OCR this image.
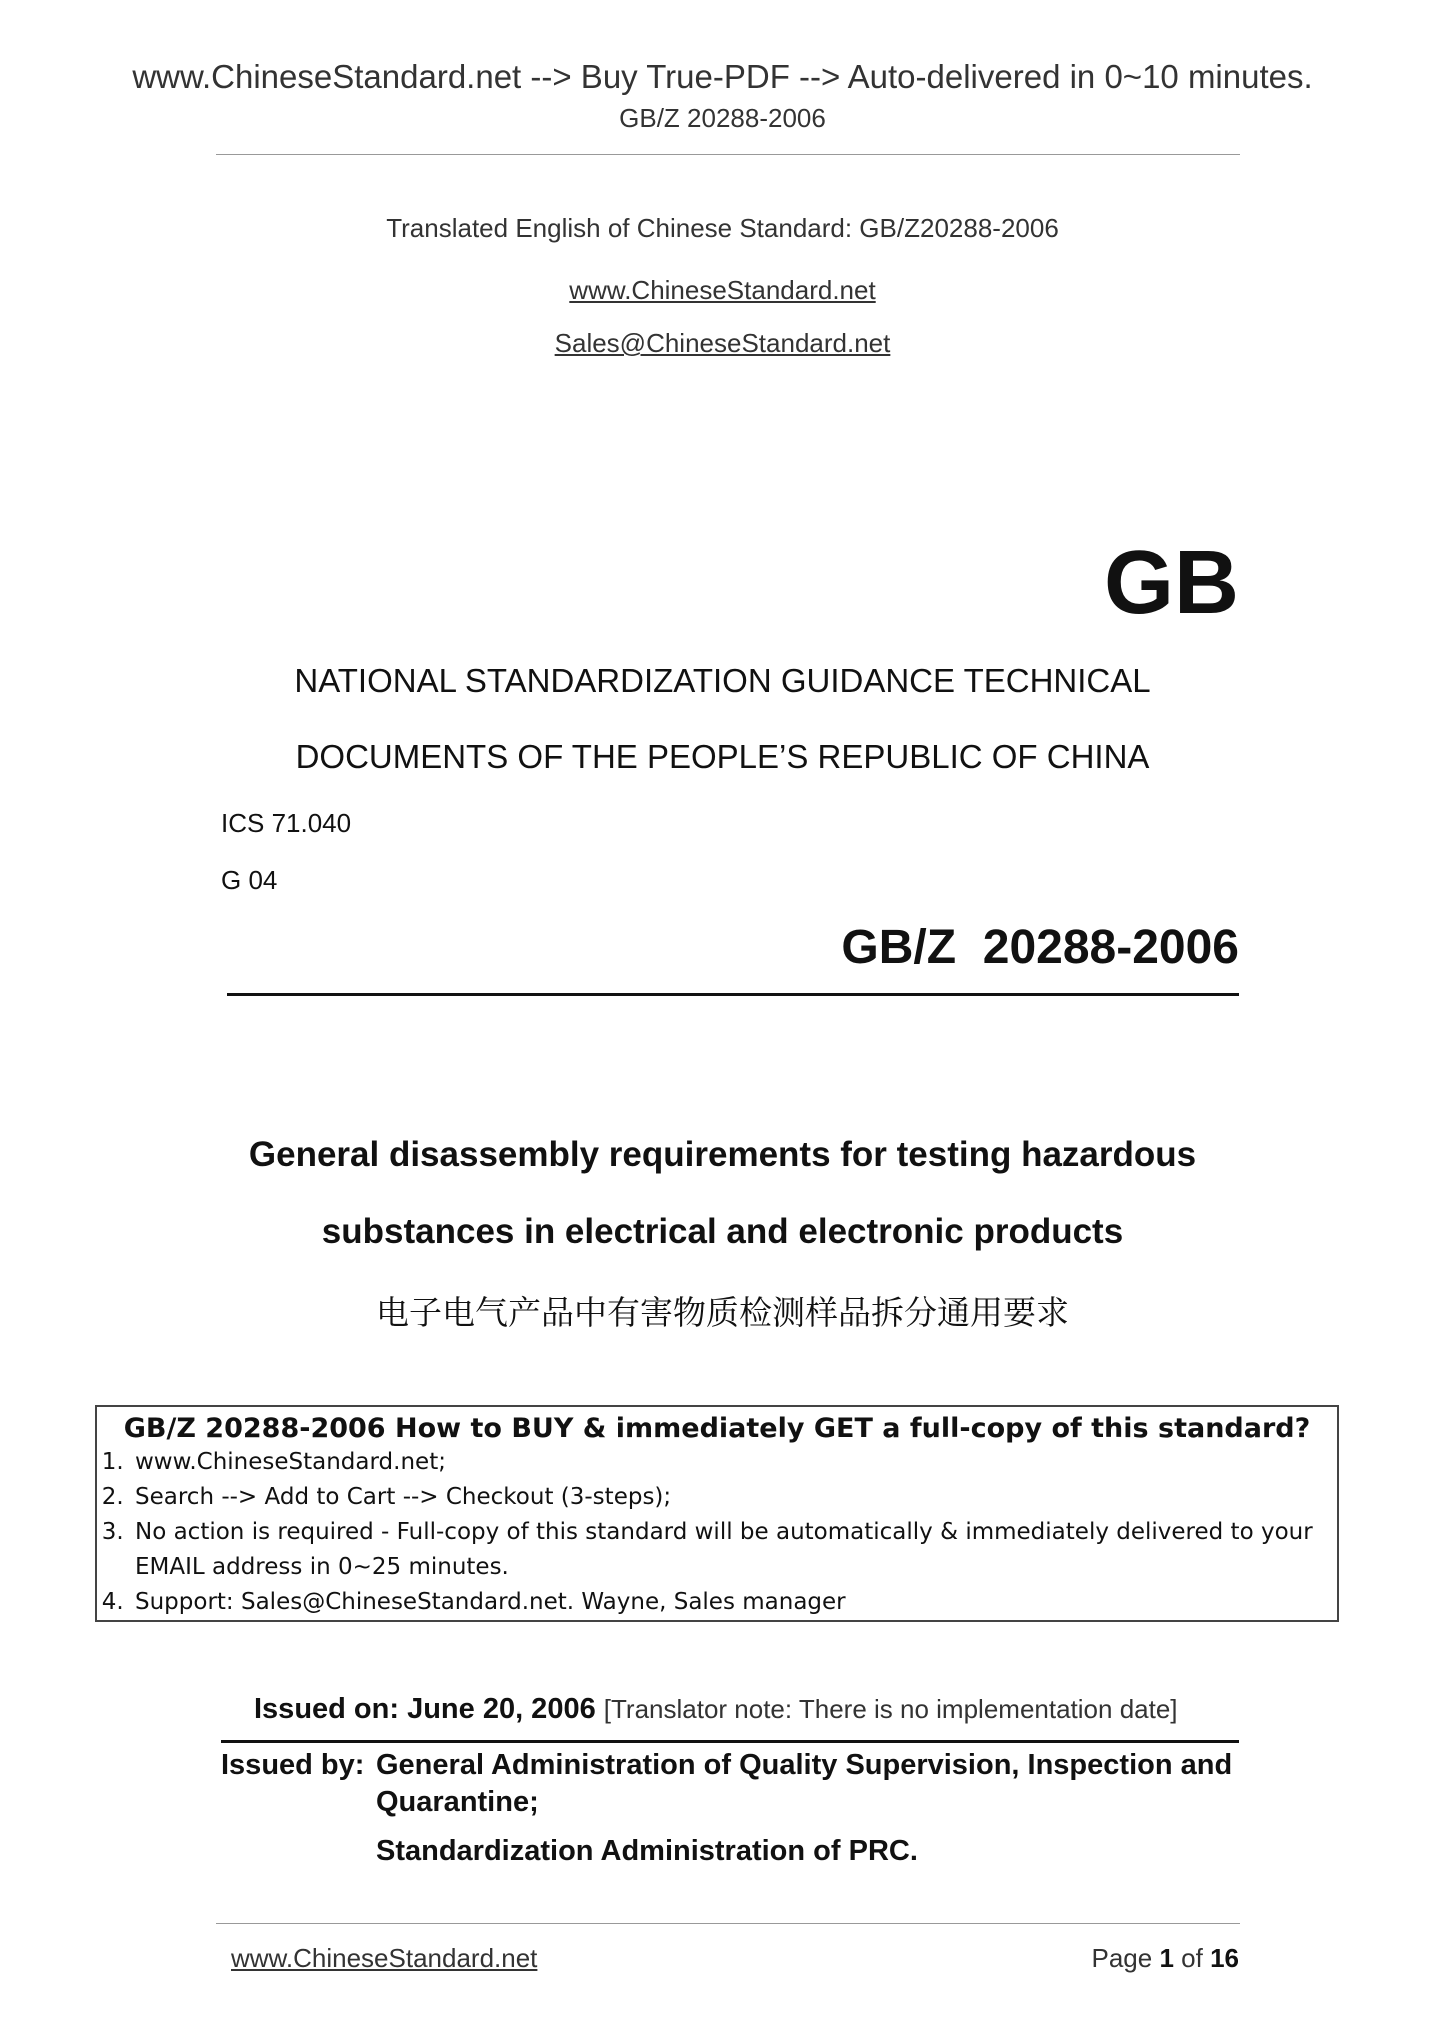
www.ChineseStandard.net --> Buy True-PDF --> Auto-delivered in 0~10 minutes.
GB/Z 20288-2006
Translated English of Chinese Standard: GB/Z20288-2006
www.ChineseStandard.net
Sales@ChineseStandard.net
GB
NATIONAL STANDARDIZATION GUIDANCE TECHNICAL
DOCUMENTS OF THE PEOPLE’S REPUBLIC OF CHINA
ICS 71.040
G 04
GB/Z  20288-2006
General disassembly requirements for testing hazardous
substances in electrical and electronic products
电子电气产品中有害物质检测样品拆分通用要求
GB/Z 20288-2006 How to BUY & immediately GET a full-copy of this standard?
1. www.ChineseStandard.net;
2. Search --> Add to Cart --> Checkout (3-steps);
3. No action is required - Full-copy of this standard will be automatically & immediately delivered to your EMAIL address in 0~25 minutes.
4. Support: Sales@ChineseStandard.net. Wayne, Sales manager
Issued on: June 20, 2006 [Translator note: There is no implementation date]
Issued by: General Administration of Quality Supervision, Inspection and
Quarantine;
Standardization Administration of PRC.
www.ChineseStandard.net	Page 1 of 16
